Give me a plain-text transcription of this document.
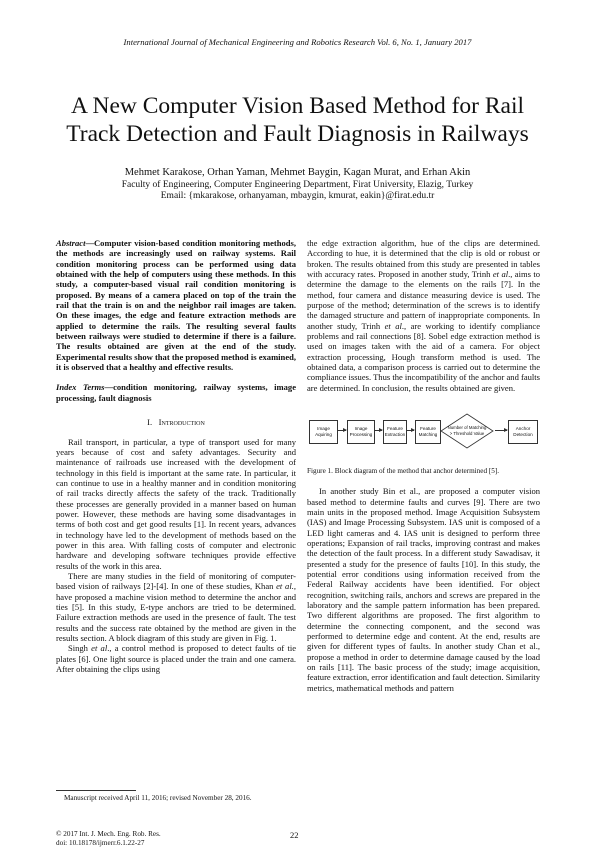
International Journal of Mechanical Engineering and Robotics Research Vol. 6, No. 1, January 2017
A New Computer Vision Based Method for Rail
Track Detection and Fault Diagnosis in Railways
Mehmet Karakose, Orhan Yaman, Mehmet Baygin, Kagan Murat, and Erhan Akin
Faculty of Engineering, Computer Engineering Department, Firat University, Elazig, Turkey
Email: {mkarakose, orhanyaman, mbaygin, kmurat, eakin}@firat.edu.tr

Abstract—Computer vision-based condition monitoring methods, the methods are increasingly used on railway systems. Rail condition monitoring process can be performed using data obtained with the help of computers using these methods. In this study, a computer-based visual rail condition monitoring is proposed. By means of a camera placed on top of the train the rail that the train is on and the neighbor rail images are taken. On these images, the edge and feature extraction methods are applied to determine the rails. The resulting several faults between railways were studied to determine if there is a failure. The results obtained are given at the end of the study. Experimental results show that the proposed method is examined, it is observed that a healthy and effective results.

Index Terms—condition monitoring, railway systems, image processing, fault diagnosis

I. Introduction

Rail transport, in particular, a type of transport used for many years because of cost and safety advantages. Security and maintenance of railroads use increased with the development of technology in this field is important at the same rate. In particular, it can continue to use in a healthy manner and in condition monitoring of rail tracks directly affects the safety of the track. Traditionally these processes are generally provided in a manner based on human power. However, these methods are having some disadvantages in terms of both cost and get good results [1]. In recent years, advances in technology have led to the development of methods based on the power in this area. With falling costs of computer and electronic hardware and developing software techniques provide effective results of the work in this area.

There are many studies in the field of monitoring of computer-based vision of railways [2]-[4]. In one of these studies, Khan et al., have proposed a machine vision method to determine the anchor and ties [5]. In this study, E-type anchors are tried to be determined. Failure extraction methods are used in the presence of fault. The test results and the success rate obtained by the method are given in the results section. A block diagram of this study are given in Fig. 1.

Singh et al., a control method is proposed to detect faults of tie plates [6]. One light source is placed under the train and one camera. After obtaining the clips using

the edge extraction algorithm, hue of the clips are determined. According to hue, it is determined that the clip is old or robust or broken. The results obtained from this study are presented in tables with accuracy rates. Proposed in another study, Trinh et al., aims to determine the damage to the elements on the rails [7]. In the method, four camera and distance measuring device is used. The purpose of the method; determination of the screws is to identify the damaged structure and pattern of inappropriate components. In another study, Trinh et al., are working to identify compliance problems and rail connections [8]. Sobel edge extraction method is used on images taken with the aid of a camera. For object extraction processing, Hough transform method is used. The obtained data, a comparison process is carried out to determine the compliance issues. Thus the incompatibility of the anchor and faults are determined. In conclusion, the results obtained are given.

Image Aquiring
Image Processing
Feature Extraction
Feature Matching
Number of Matching > Threshold Value
Anchor Detection

Figure 1. Block diagram of the method that anchor determined [5].

In another study Bin et al., are proposed a computer vision based method to determine faults and curves [9]. There are two main units in the proposed method. Image Acquisition Subsystem (IAS) and Image Processing Subsystem. IAS unit is composed of a LED light cameras and 4. IAS unit is designed to perform three operations; Expansion of rail tracks, improving contrast and makes the detection of the fault process. In a different study Sawadisav, it presented a study for the presence of faults [10]. In this study, the potential error conditions using information received from the Federal Railway accidents have been identified. For object recognition, switching rails, anchors and screws are prepared in the laboratory and the sample pattern information has been prepared. Two different algorithms are proposed. The first algorithm to determine the connecting component, and the second was performed to determine edge and content. At the end, results are given for different types of faults. In another study Chan et al., propose a method in order to determine damage caused by the load on rails [11]. The basic process of the study; image acquisition, feature extraction, error identification and fault detection. Similarity metrics, mathematical methods and pattern

Manuscript received April 11, 2016; revised November 28, 2016.
© 2017 Int. J. Mech. Eng. Rob. Res.
doi: 10.18178/ijmerr.6.1.22-27
22
